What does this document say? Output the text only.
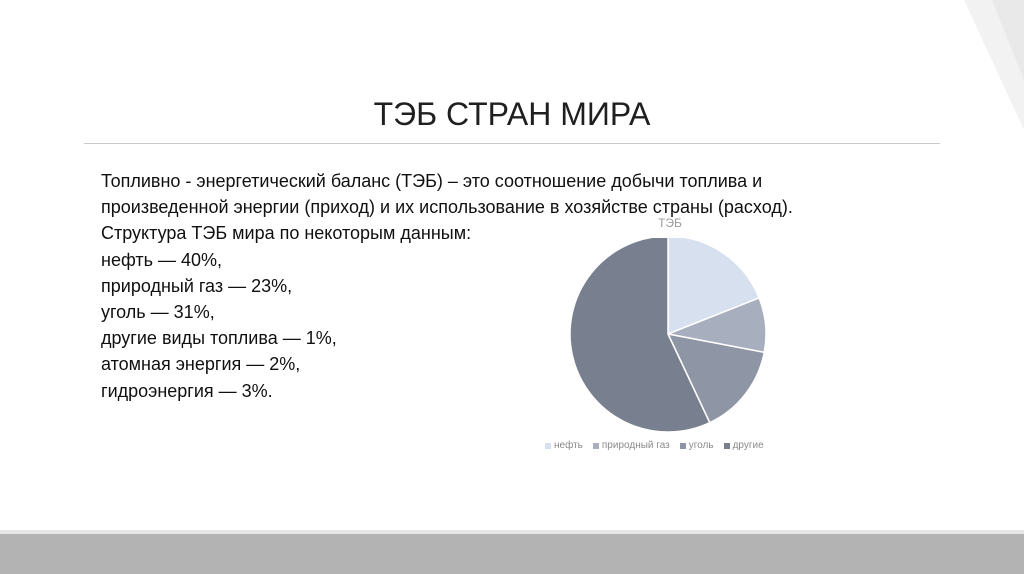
ТЭБ СТРАН МИРА
Топливно - энергетический баланс (ТЭБ) – это соотношение добычи топлива и
произведенной энергии (приход) и их использование в хозяйстве страны (расход).
Структура ТЭБ мира по некоторым данным:
нефть — 40%,
природный газ — 23%,
уголь — 31%,
другие виды топлива — 1%,
атомная энергия — 2%,
гидроэнергия — 3%.
ТЭБ
нефть природный газ уголь другие
